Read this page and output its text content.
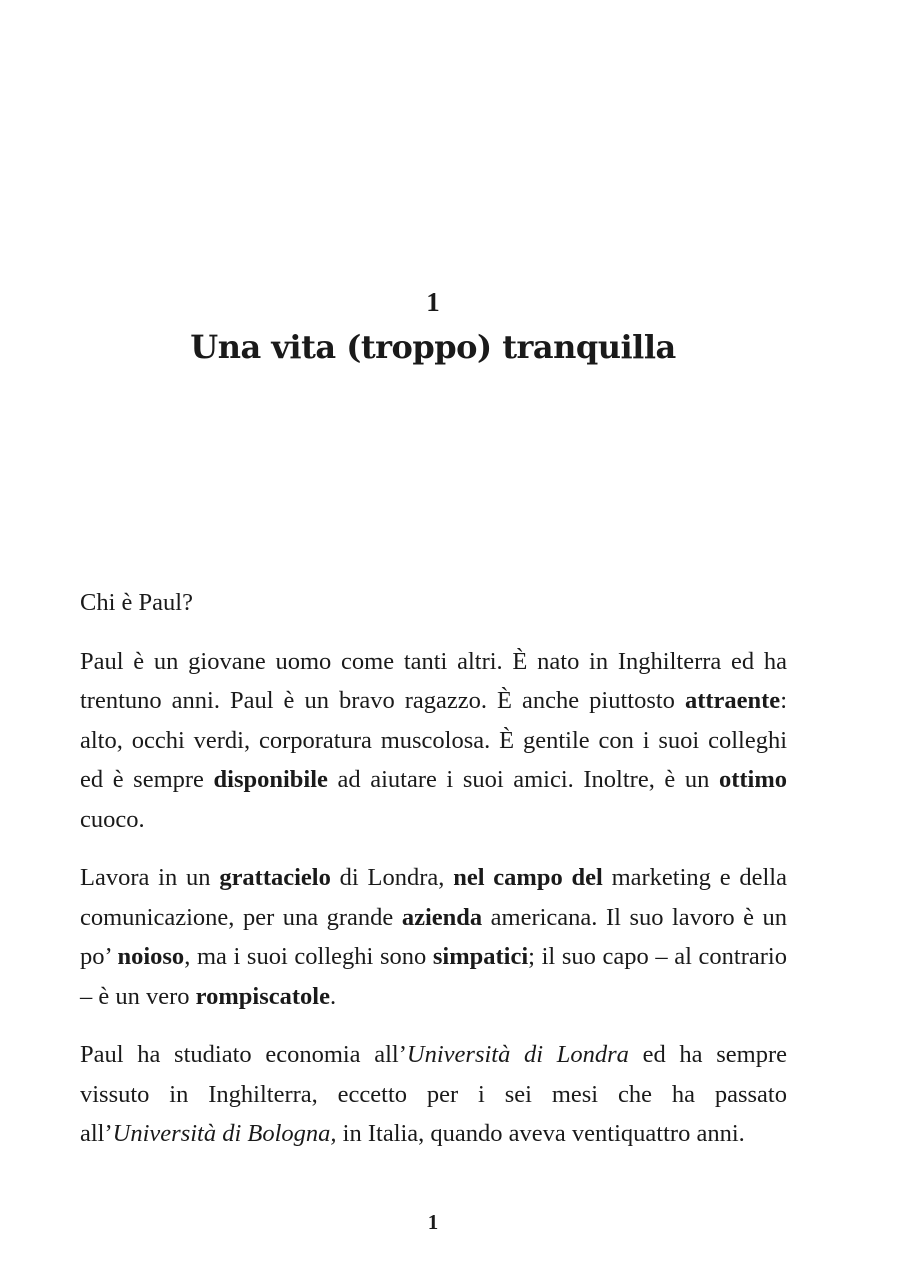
1
Una vita (troppo) tranquilla

Chi è Paul?

Paul è un giovane uomo come tanti altri. È nato in Inghilterra ed ha trentuno anni. Paul è un bravo ragazzo. È anche piuttosto attraente: alto, occhi verdi, corporatura muscolosa. È gentile con i suoi colleghi ed è sempre disponibile ad aiutare i suoi amici. Inoltre, è un ottimo cuoco.

Lavora in un grattacielo di Londra, nel campo del marketing e della comunicazione, per una grande azienda americana. Il suo lavoro è un po’ noioso, ma i suoi colleghi sono simpatici; il suo capo – al contrario – è un vero rompiscatole.

Paul ha studiato economia all’Università di Londra ed ha sempre vissuto in Inghilterra, eccetto per i sei mesi che ha passato all’Università di Bologna, in Italia, quando aveva ventiquattro anni.

1
